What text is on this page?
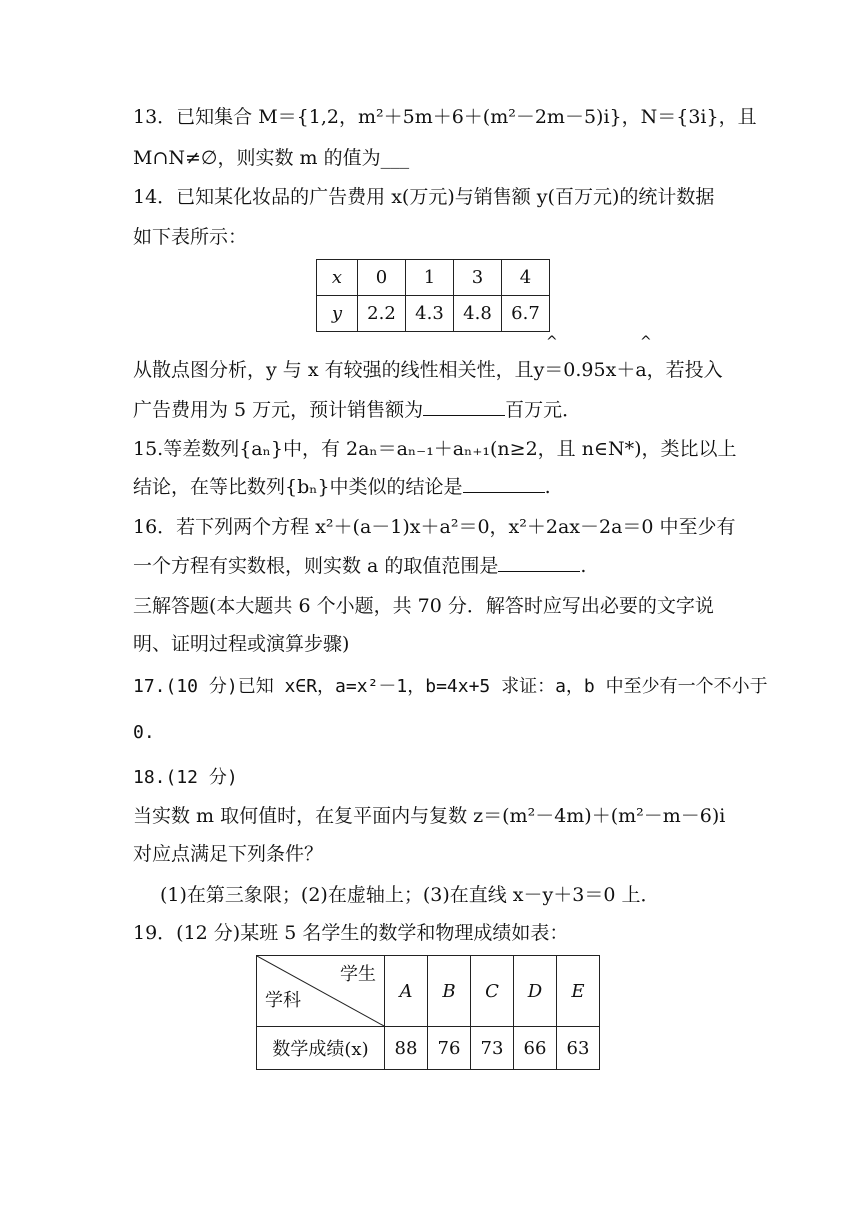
13．已知集合 M＝{1,2，m²＋5m＋6＋(m²－2m－5)i}，N＝{3i}，且
M∩N≠∅，则实数 m 的值为___
14．已知某化妆品的广告费用 x(万元)与销售额 y(百万元)的统计数据
如下表所示：
x	0	1	3	4
y	2.2	4.3	4.8	6.7
^	^
从散点图分析，y 与 x 有较强的线性相关性，且y＝0.95x＋a，若投入
广告费用为 5 万元，预计销售额为	百万元．
15.等差数列{aₙ}中，有 2aₙ＝aₙ₋₁＋aₙ₊₁(n≥2，且 n∈N*)，类比以上
结论，在等比数列{bₙ}中类似的结论是	.
16．若下列两个方程 x²＋(a－1)x＋a²＝0，x²＋2ax－2a＝0 中至少有
一个方程有实数根，则实数 a 的取值范围是	.
三解答题(本大题共 6 个小题，共 70 分．解答时应写出必要的文字说
明、证明过程或演算步骤)
17.(10 分)已知 x∈R，a=x²－1，b=4x+5 求证：a，b 中至少有一个不小于
0.
18.(12 分)
当实数 m 取何值时，在复平面内与复数 z＝(m²－4m)＋(m²－m－6)i
对应点满足下列条件？
(1)在第三象限；(2)在虚轴上；(3)在直线 x－y＋3＝0 上．
19．(12 分)某班 5 名学生的数学和物理成绩如表：
学生
学科	A	B	C	D	E
数学成绩(x)	88	76	73	66	63
